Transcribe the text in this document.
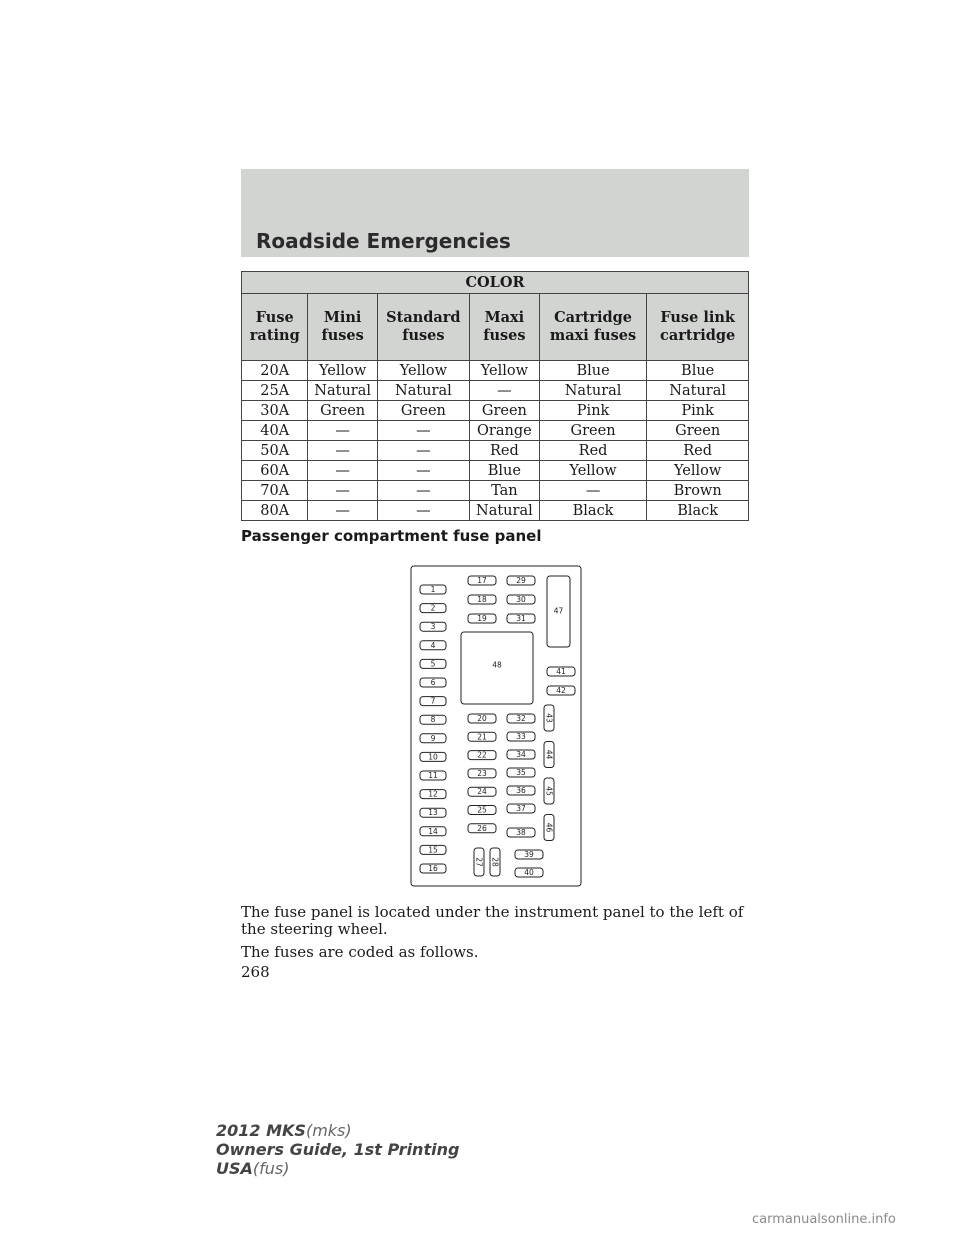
Roadside Emergencies
COLOR					
Fuse rating	Mini fuses	Standard fuses	Maxi fuses	Cartridge maxi fuses	Fuse link cartridge
20A	Yellow	Yellow	Yellow	Blue	Blue
25A	Natural	Natural	—	Natural	Natural
30A	Green	Green	Green	Pink	Pink
40A	—	—	Orange	Green	Green
50A	—	—	Red	Red	Red
60A	—	—	Blue	Yellow	Yellow
70A	—	—	Tan	—	Brown
80A	—	—	Natural	Black	Black
Passenger compartment fuse panel
1
2
3
4
5
6
7
8
9
10
11
12
13
14
15
16
17
18
19
29
30
31
47
48
41
42
20
21
22
23
24
25
26
32
33
34
35
36
37
38
43
44
45
46
27 28
39
40
The fuse panel is located under the instrument panel to the left of the steering wheel.
The fuses are coded as follows.
268
2012 MKS(mks)
Owners Guide, 1st Printing
USA(fus)
carmanualsonline.info
